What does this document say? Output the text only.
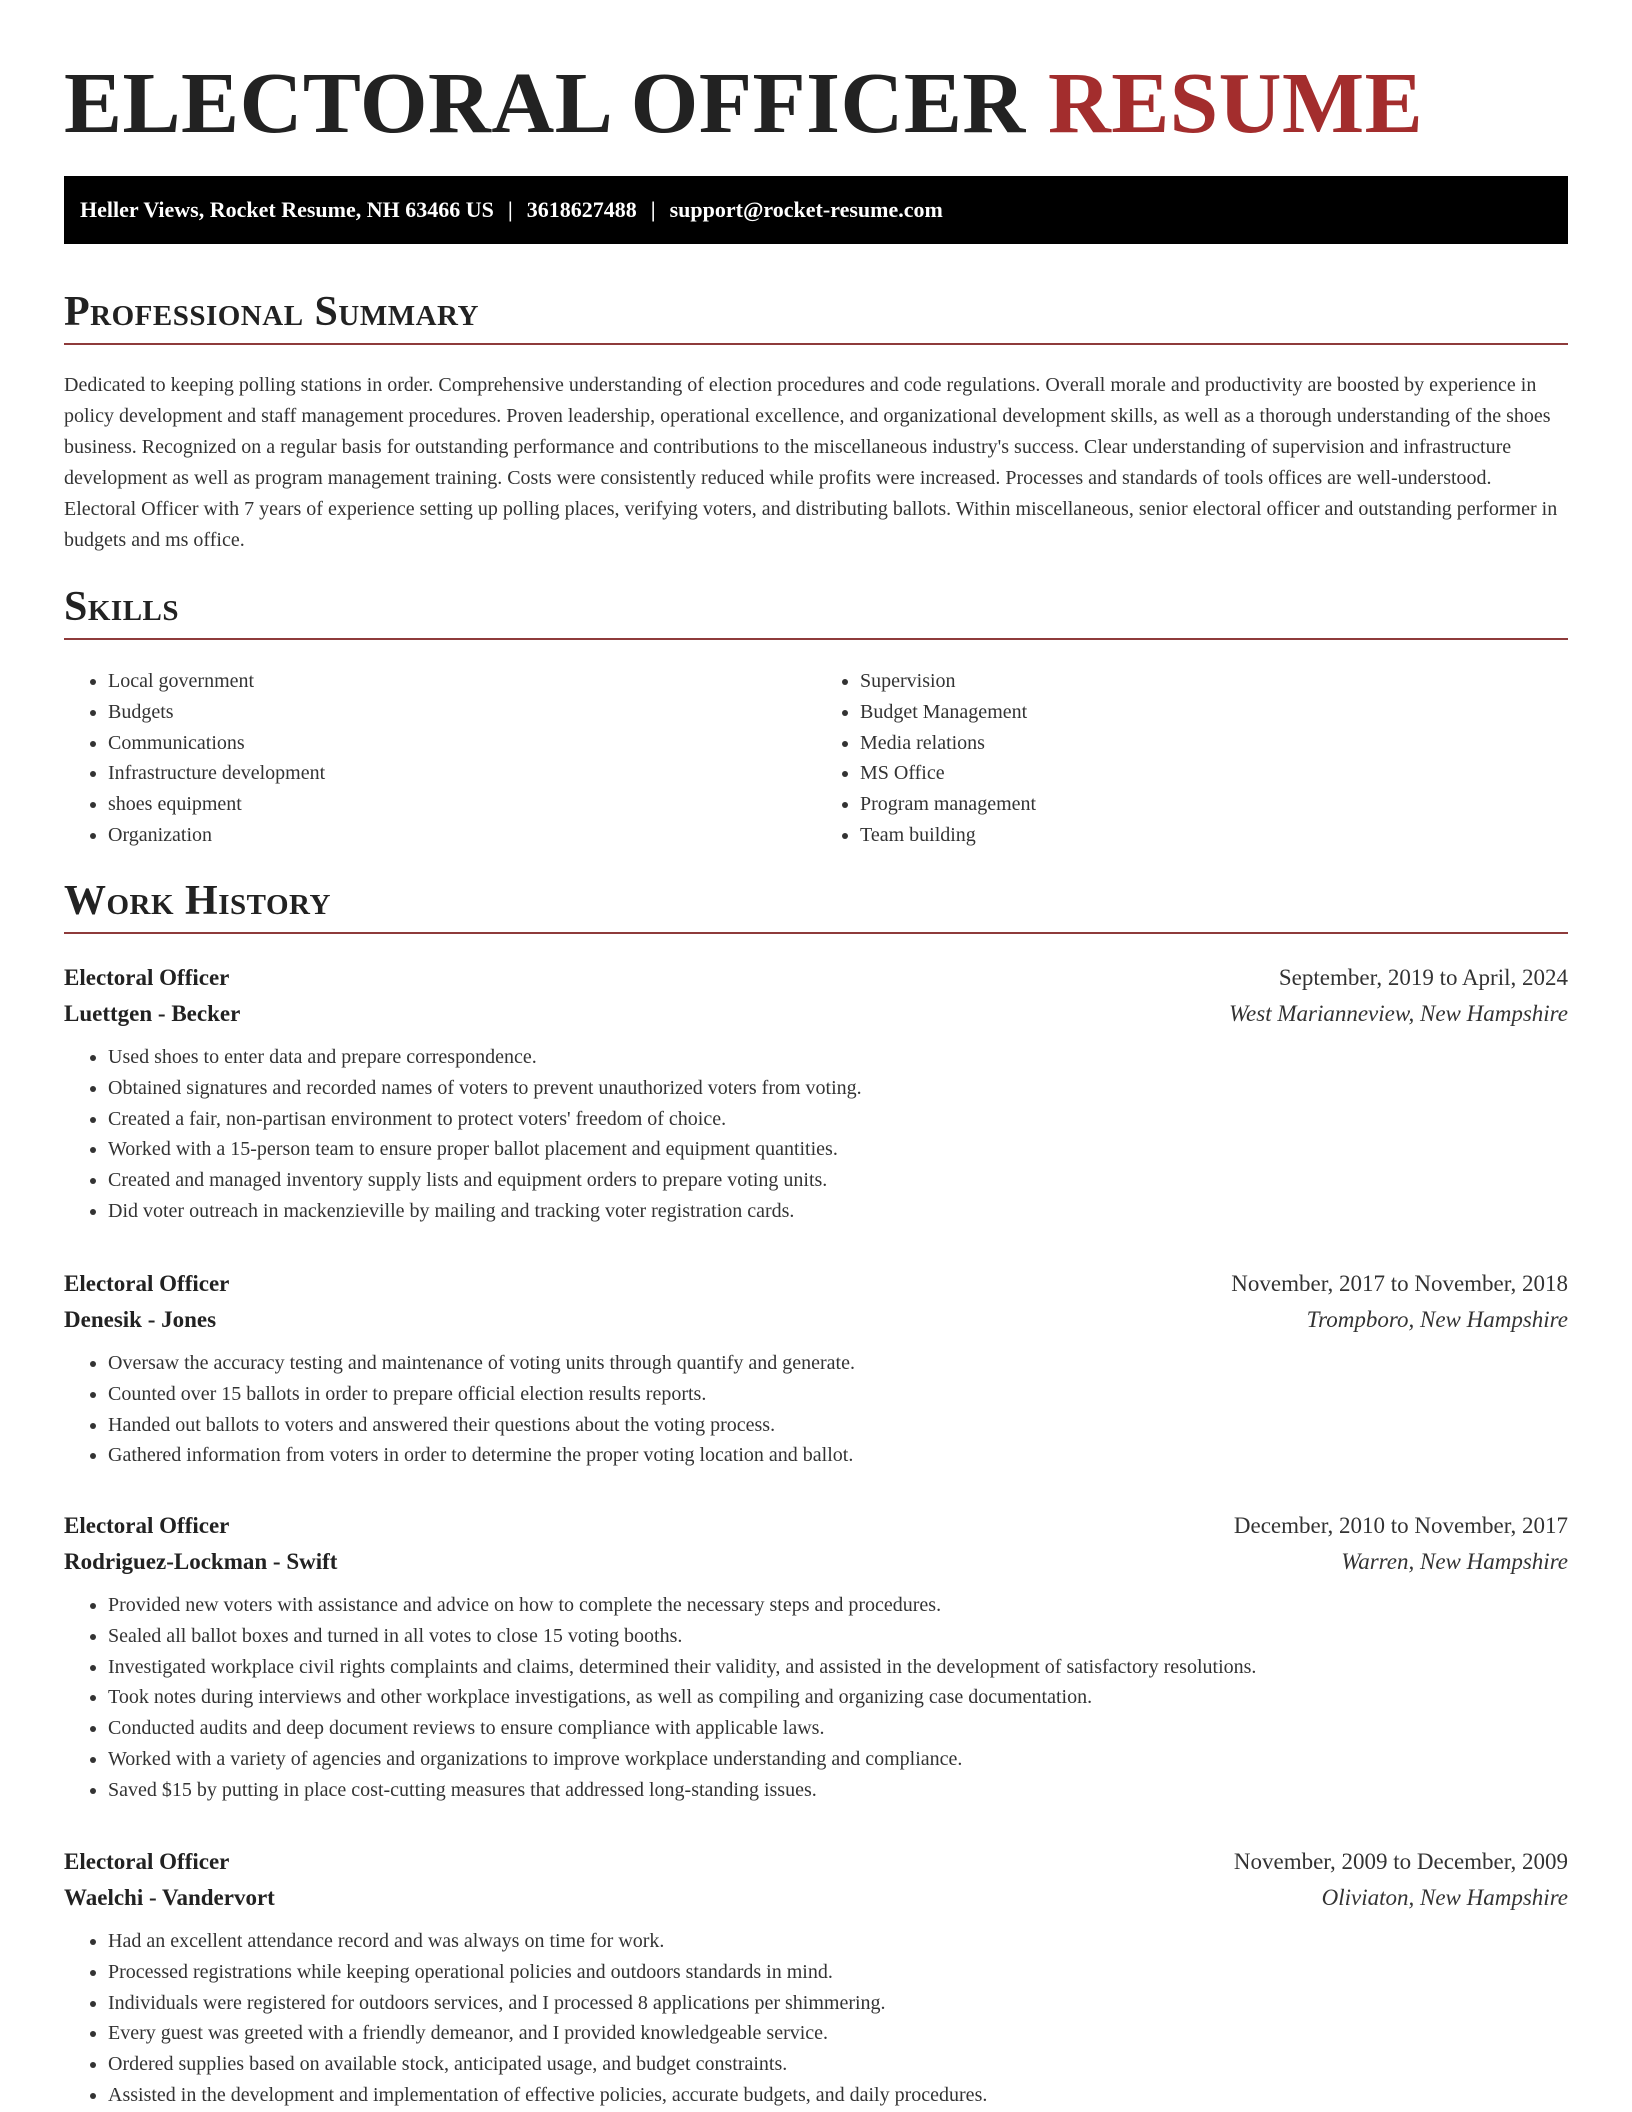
ELECTORAL OFFICER RESUME
Heller Views, Rocket Resume, NH 63466 US | 3618627488 | support@rocket-resume.com
Professional Summary

Dedicated to keeping polling stations in order. Comprehensive understanding of election procedures and code regulations. Overall morale and productivity are boosted by experience in policy development and staff management procedures. Proven leadership, operational excellence, and organizational development skills, as well as a thorough understanding of the shoes business. Recognized on a regular basis for outstanding performance and contributions to the miscellaneous industry's success. Clear understanding of supervision and infrastructure development as well as program management training. Costs were consistently reduced while profits were increased. Processes and standards of tools offices are well-understood. Electoral Officer with 7 years of experience setting up polling places, verifying voters, and distributing ballots. Within miscellaneous, senior electoral officer and outstanding performer in budgets and ms office.

Skills
• Local government
• Budgets
• Communications
• Infrastructure development
• shoes equipment
• Organization
• Supervision
• Budget Management
• Media relations
• MS Office
• Program management
• Team building
Work History
Electoral Officer	September, 2019 to April, 2024
Luettgen - Becker	West Marianneview, New Hampshire
• Used shoes to enter data and prepare correspondence.
• Obtained signatures and recorded names of voters to prevent unauthorized voters from voting.
• Created a fair, non-partisan environment to protect voters' freedom of choice.
• Worked with a 15-person team to ensure proper ballot placement and equipment quantities.
• Created and managed inventory supply lists and equipment orders to prepare voting units.
• Did voter outreach in mackenzieville by mailing and tracking voter registration cards.
Electoral Officer	November, 2017 to November, 2018
Denesik - Jones	Trompboro, New Hampshire
• Oversaw the accuracy testing and maintenance of voting units through quantify and generate.
• Counted over 15 ballots in order to prepare official election results reports.
• Handed out ballots to voters and answered their questions about the voting process.
• Gathered information from voters in order to determine the proper voting location and ballot.
Electoral Officer	December, 2010 to November, 2017
Rodriguez-Lockman - Swift	Warren, New Hampshire
• Provided new voters with assistance and advice on how to complete the necessary steps and procedures.
• Sealed all ballot boxes and turned in all votes to close 15 voting booths.
• Investigated workplace civil rights complaints and claims, determined their validity, and assisted in the development of satisfactory resolutions.
• Took notes during interviews and other workplace investigations, as well as compiling and organizing case documentation.
• Conducted audits and deep document reviews to ensure compliance with applicable laws.
• Worked with a variety of agencies and organizations to improve workplace understanding and compliance.
• Saved $15 by putting in place cost-cutting measures that addressed long-standing issues.
Electoral Officer	November, 2009 to December, 2009
Waelchi - Vandervort	Oliviaton, New Hampshire
• Had an excellent attendance record and was always on time for work.
• Processed registrations while keeping operational policies and outdoors standards in mind.
• Individuals were registered for outdoors services, and I processed 8 applications per shimmering.
• Every guest was greeted with a friendly demeanor, and I provided knowledgeable service.
• Ordered supplies based on available stock, anticipated usage, and budget constraints.
• Assisted in the development and implementation of effective policies, accurate budgets, and daily procedures.
